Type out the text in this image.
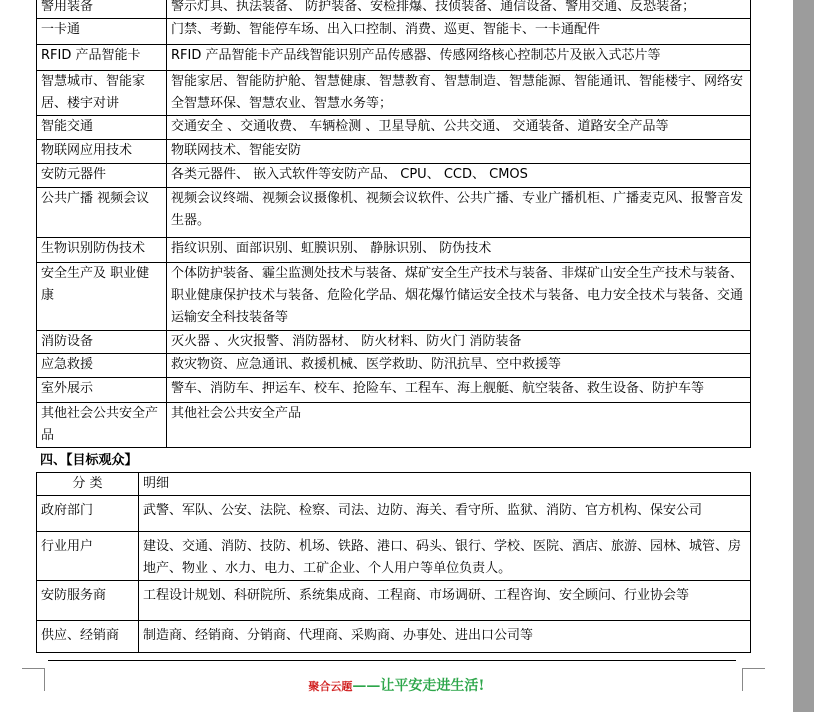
警用装备	警示灯具、执法装备、 防护装备、安检排爆、技侦装备、通信设备、警用交通、反恐装备；
一卡通	门禁、考勤、智能停车场、出入口控制、消费、巡更、智能卡、一卡通配件
RFID 产品智能卡	RFID 产品智能卡产品线智能识别产品传感器、传感网络核心控制芯片及嵌入式芯片等
智慧城市、智能家居、楼宇对讲	智能家居、智能防护舱、智慧健康、智慧教育、智慧制造、智慧能源、智能通讯、智能楼宇、网络安全智慧环保、智慧农业、智慧水务等；
智能交通	交通安全 、交通收费、 车辆检测 、卫星导航、公共交通、 交通装备、道路安全产品等
物联网应用技术	物联网技术、智能安防
安防元器件	各类元器件、 嵌入式软件等安防产品、 CPU、 CCD、 CMOS
公共广播 视频会议	视频会议终端、视频会议摄像机、视频会议软件、公共广播、专业广播机柜、广播麦克风、报警音发生器。
生物识别防伪技术	指纹识别、面部识别、虹膜识别、 静脉识别、 防伪技术
安全生产及 职业健康	个体防护装备、霾尘监测处技术与装备、煤矿安全生产技术与装备、非煤矿山安全生产技术与装备、职业健康保护技术与装备、危险化学品、烟花爆竹储运安全技术与装备、电力安全技术与装备、交通运输安全科技装备等
消防设备	灭火器 、火灾报警、消防器材、 防火材料、防火门 消防装备
应急救援	救灾物资、应急通讯、救援机械、医学救助、防汛抗旱、空中救援等
室外展示	警车、消防车、押运车、校车、抢险车、工程车、海上舰艇、航空装备、救生设备、防护车等
其他社会公共安全产品	其他社会公共安全产品
四、【目标观众】
分 类	明细
政府部门	武警、军队、公安、法院、检察、司法、边防、海关、看守所、监狱、消防、官方机构、保安公司
行业用户	建设、交通、消防、技防、机场、铁路、港口、码头、银行、学校、医院、酒店、旅游、园林、城管、房地产、物业 、水力、电力、工矿企业、个人用户等单位负责人。
安防服务商	工程设计规划、科研院所、系统集成商、工程商、市场调研、工程咨询、安全顾问、行业协会等
供应、经销商	制造商、经销商、分销商、代理商、采购商、办事处、进出口公司等
聚合云题——让平安走进生活!
